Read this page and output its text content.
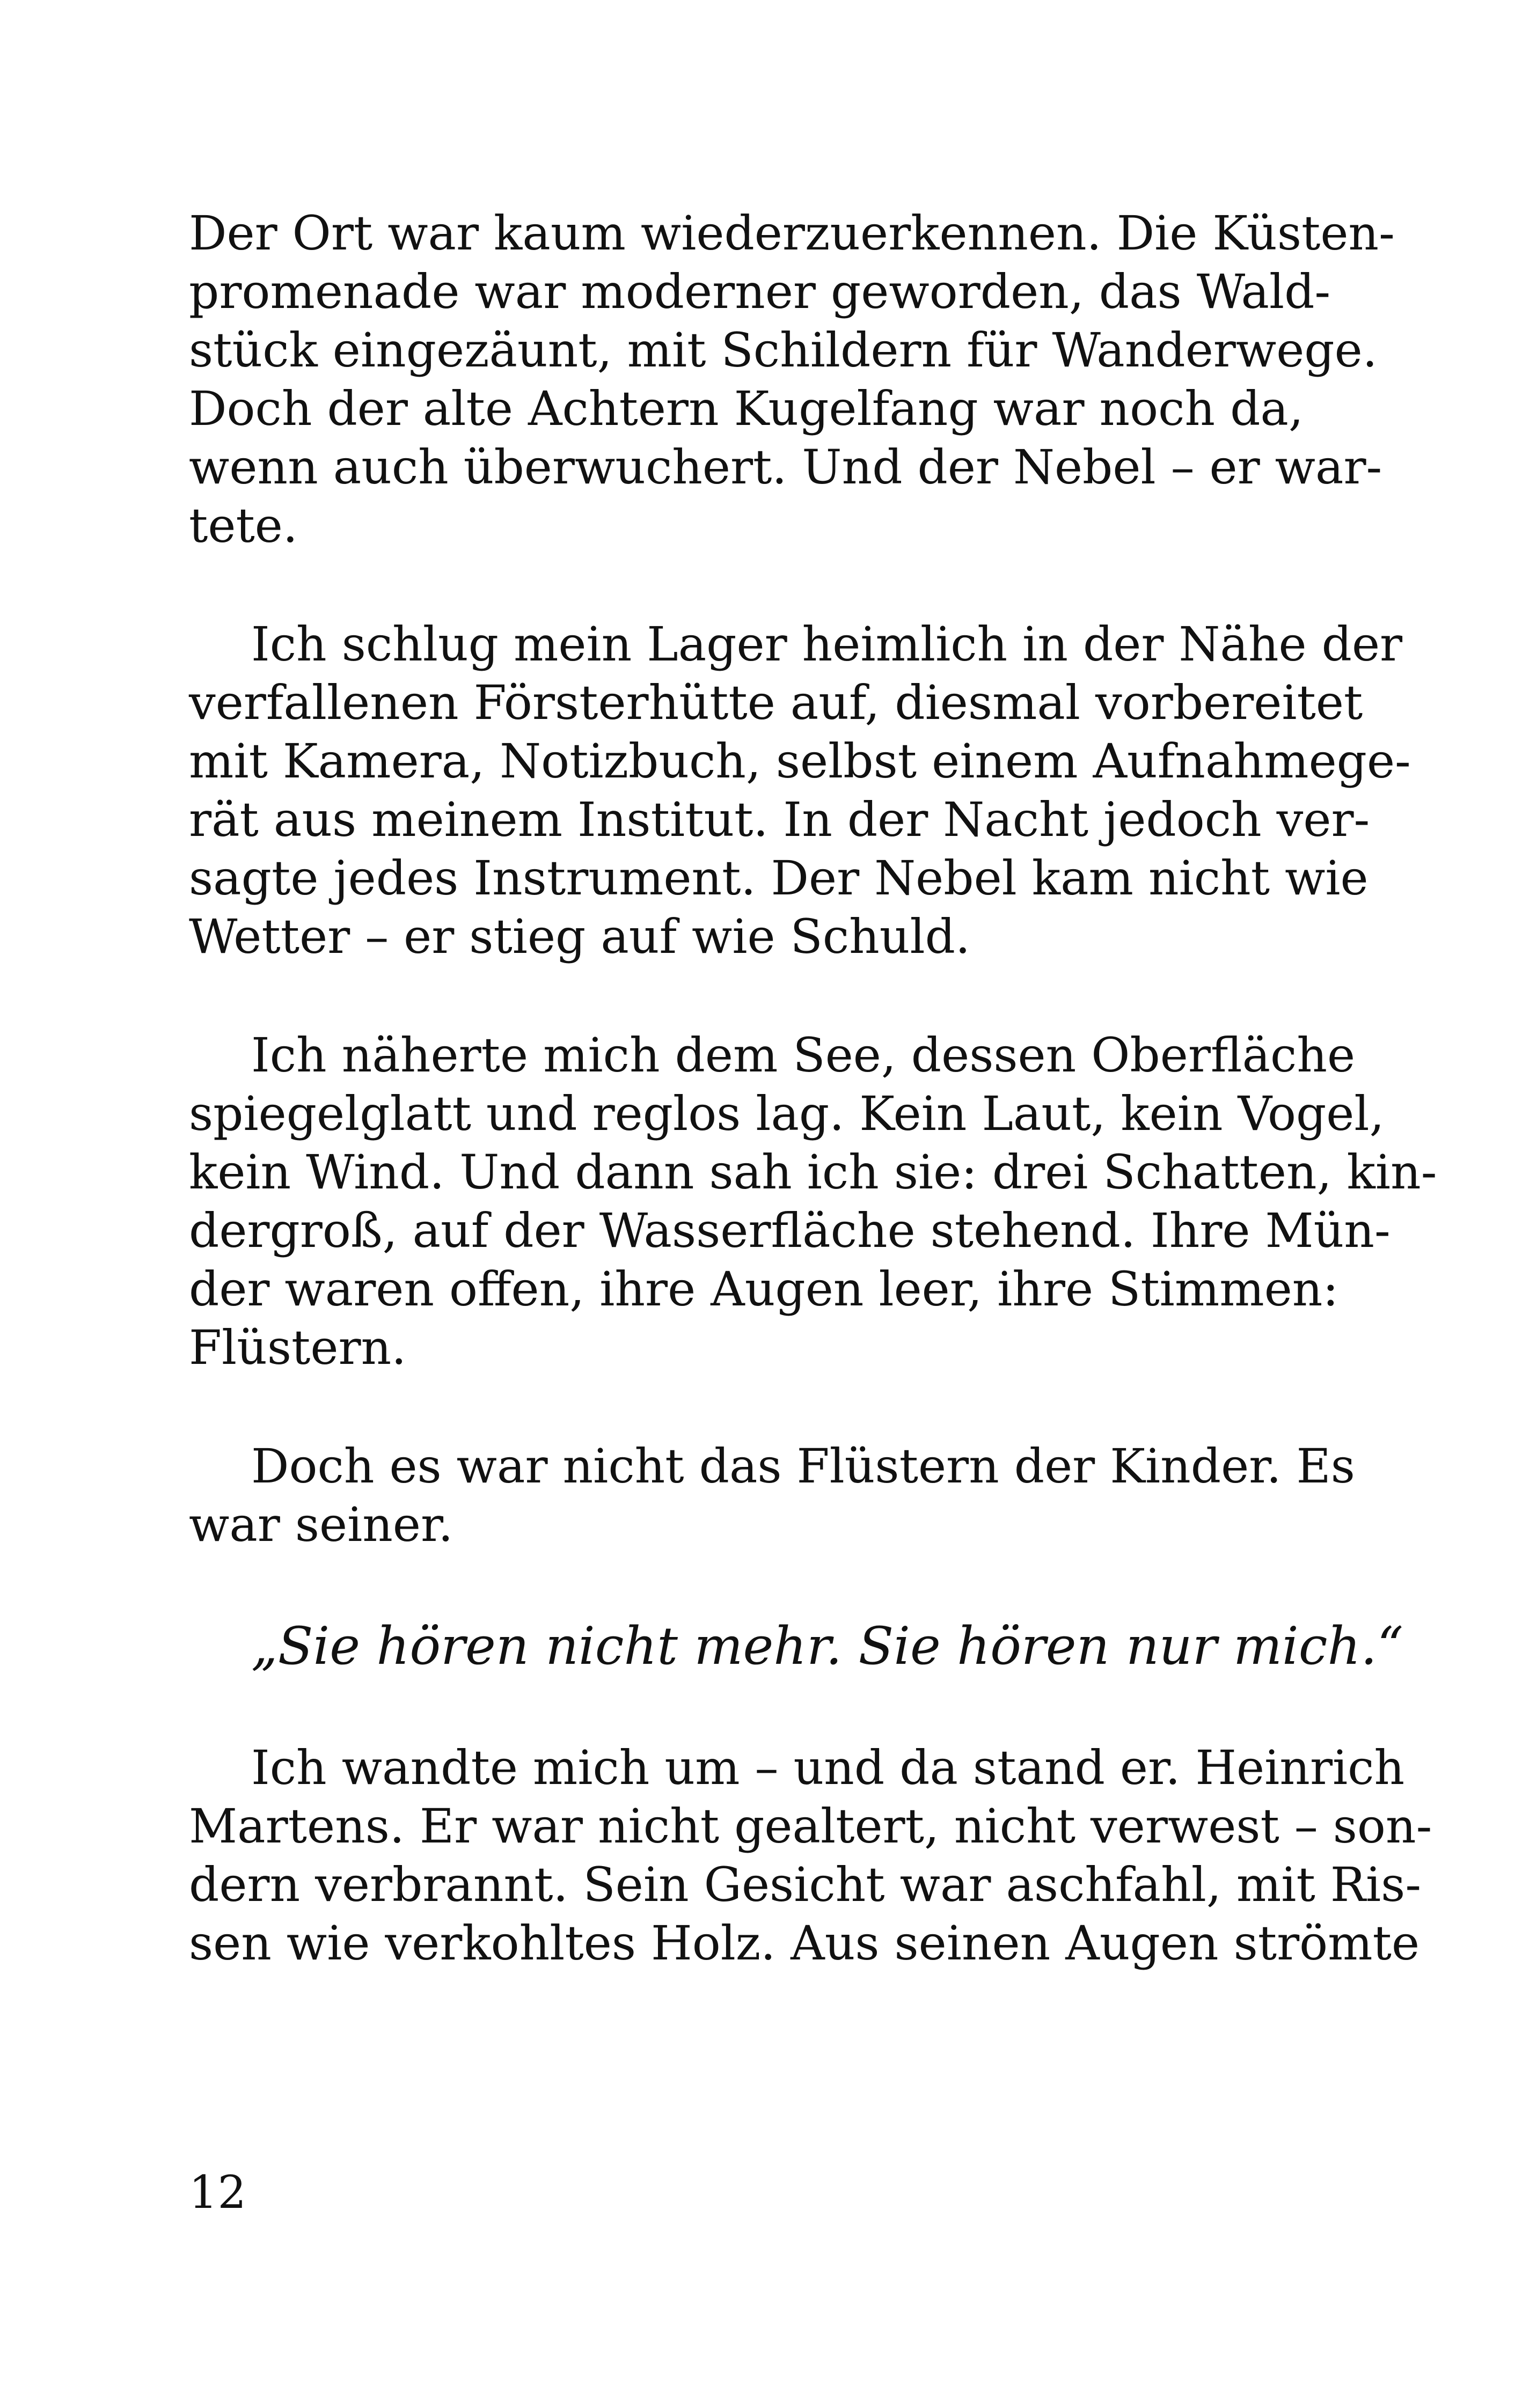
Der Ort war kaum wiederzuerkennen. Die Küsten-
promenade war moderner geworden, das Wald-
stück eingezäunt, mit Schildern für Wanderwege.
Doch der alte Achtern Kugelfang war noch da,
wenn auch überwuchert. Und der Nebel – er war-
tete.

Ich schlug mein Lager heimlich in der Nähe der
verfallenen Försterhütte auf, diesmal vorbereitet
mit Kamera, Notizbuch, selbst einem Aufnahmege-
rät aus meinem Institut. In der Nacht jedoch ver-
sagte jedes Instrument. Der Nebel kam nicht wie
Wetter – er stieg auf wie Schuld.

Ich näherte mich dem See, dessen Oberfläche
spiegelglatt und reglos lag. Kein Laut, kein Vogel,
kein Wind. Und dann sah ich sie: drei Schatten, kin-
dergroß, auf der Wasserfläche stehend. Ihre Mün-
der waren offen, ihre Augen leer, ihre Stimmen:
Flüstern.

Doch es war nicht das Flüstern der Kinder. Es
war seiner.

„Sie hören nicht mehr. Sie hören nur mich.“

Ich wandte mich um – und da stand er. Heinrich
Martens. Er war nicht gealtert, nicht verwest – son-
dern verbrannt. Sein Gesicht war aschfahl, mit Ris-
sen wie verkohltes Holz. Aus seinen Augen strömte

12
